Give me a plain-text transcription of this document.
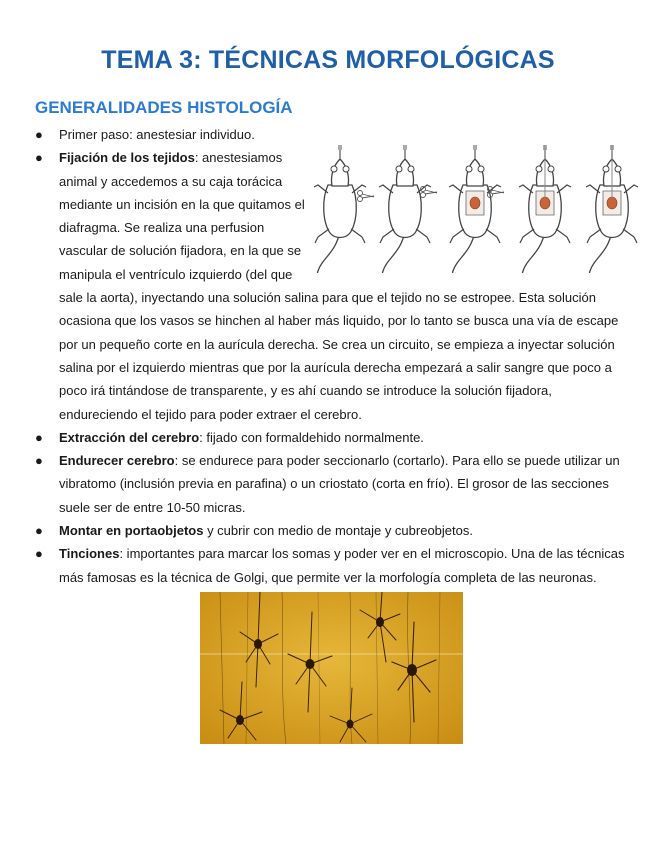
TEMA 3: TÉCNICAS MORFOLÓGICAS
GENERALIDADES HISTOLOGÍA
● Primer paso: anestesiar individuo.
● Fijación de los tejidos: anestesiamos
animal y accedemos a su caja torácica
mediante un incisión en la que quitamos el
diafragma. Se realiza una perfusion
vascular de solución fijadora, en la que se
manipula el ventrículo izquierdo (del que
sale la aorta), inyectando una solución salina para que el tejido no se estropee. Esta solución ocasiona que los vasos se hinchen al haber más liquido, por lo tanto se busca una vía de escape por un pequeño corte en la aurícula derecha. Se crea un circuito, se empieza a inyectar solución salina por el izquierdo mientras que por la aurícula derecha empezará a salir sangre que poco a poco irá tintándose de transparente, y es ahí cuando se introduce la solución fijadora, endureciendo el tejido para poder extraer el cerebro.
● Extracción del cerebro: fijado con formaldehido normalmente.
● Endurecer cerebro: se endurece para poder seccionarlo (cortarlo). Para ello se puede utilizar un vibratomo (inclusión previa en parafina) o un criostato (corta en frío). El grosor de las secciones suele ser de entre 10-50 micras.
● Montar en portaobjetos y cubrir con medio de montaje y cubreobjetos.
● Tinciones: importantes para marcar los somas y poder ver en el microscopio. Una de las técnicas más famosas es la técnica de Golgi, que permite ver la morfología completa de las neuronas.
